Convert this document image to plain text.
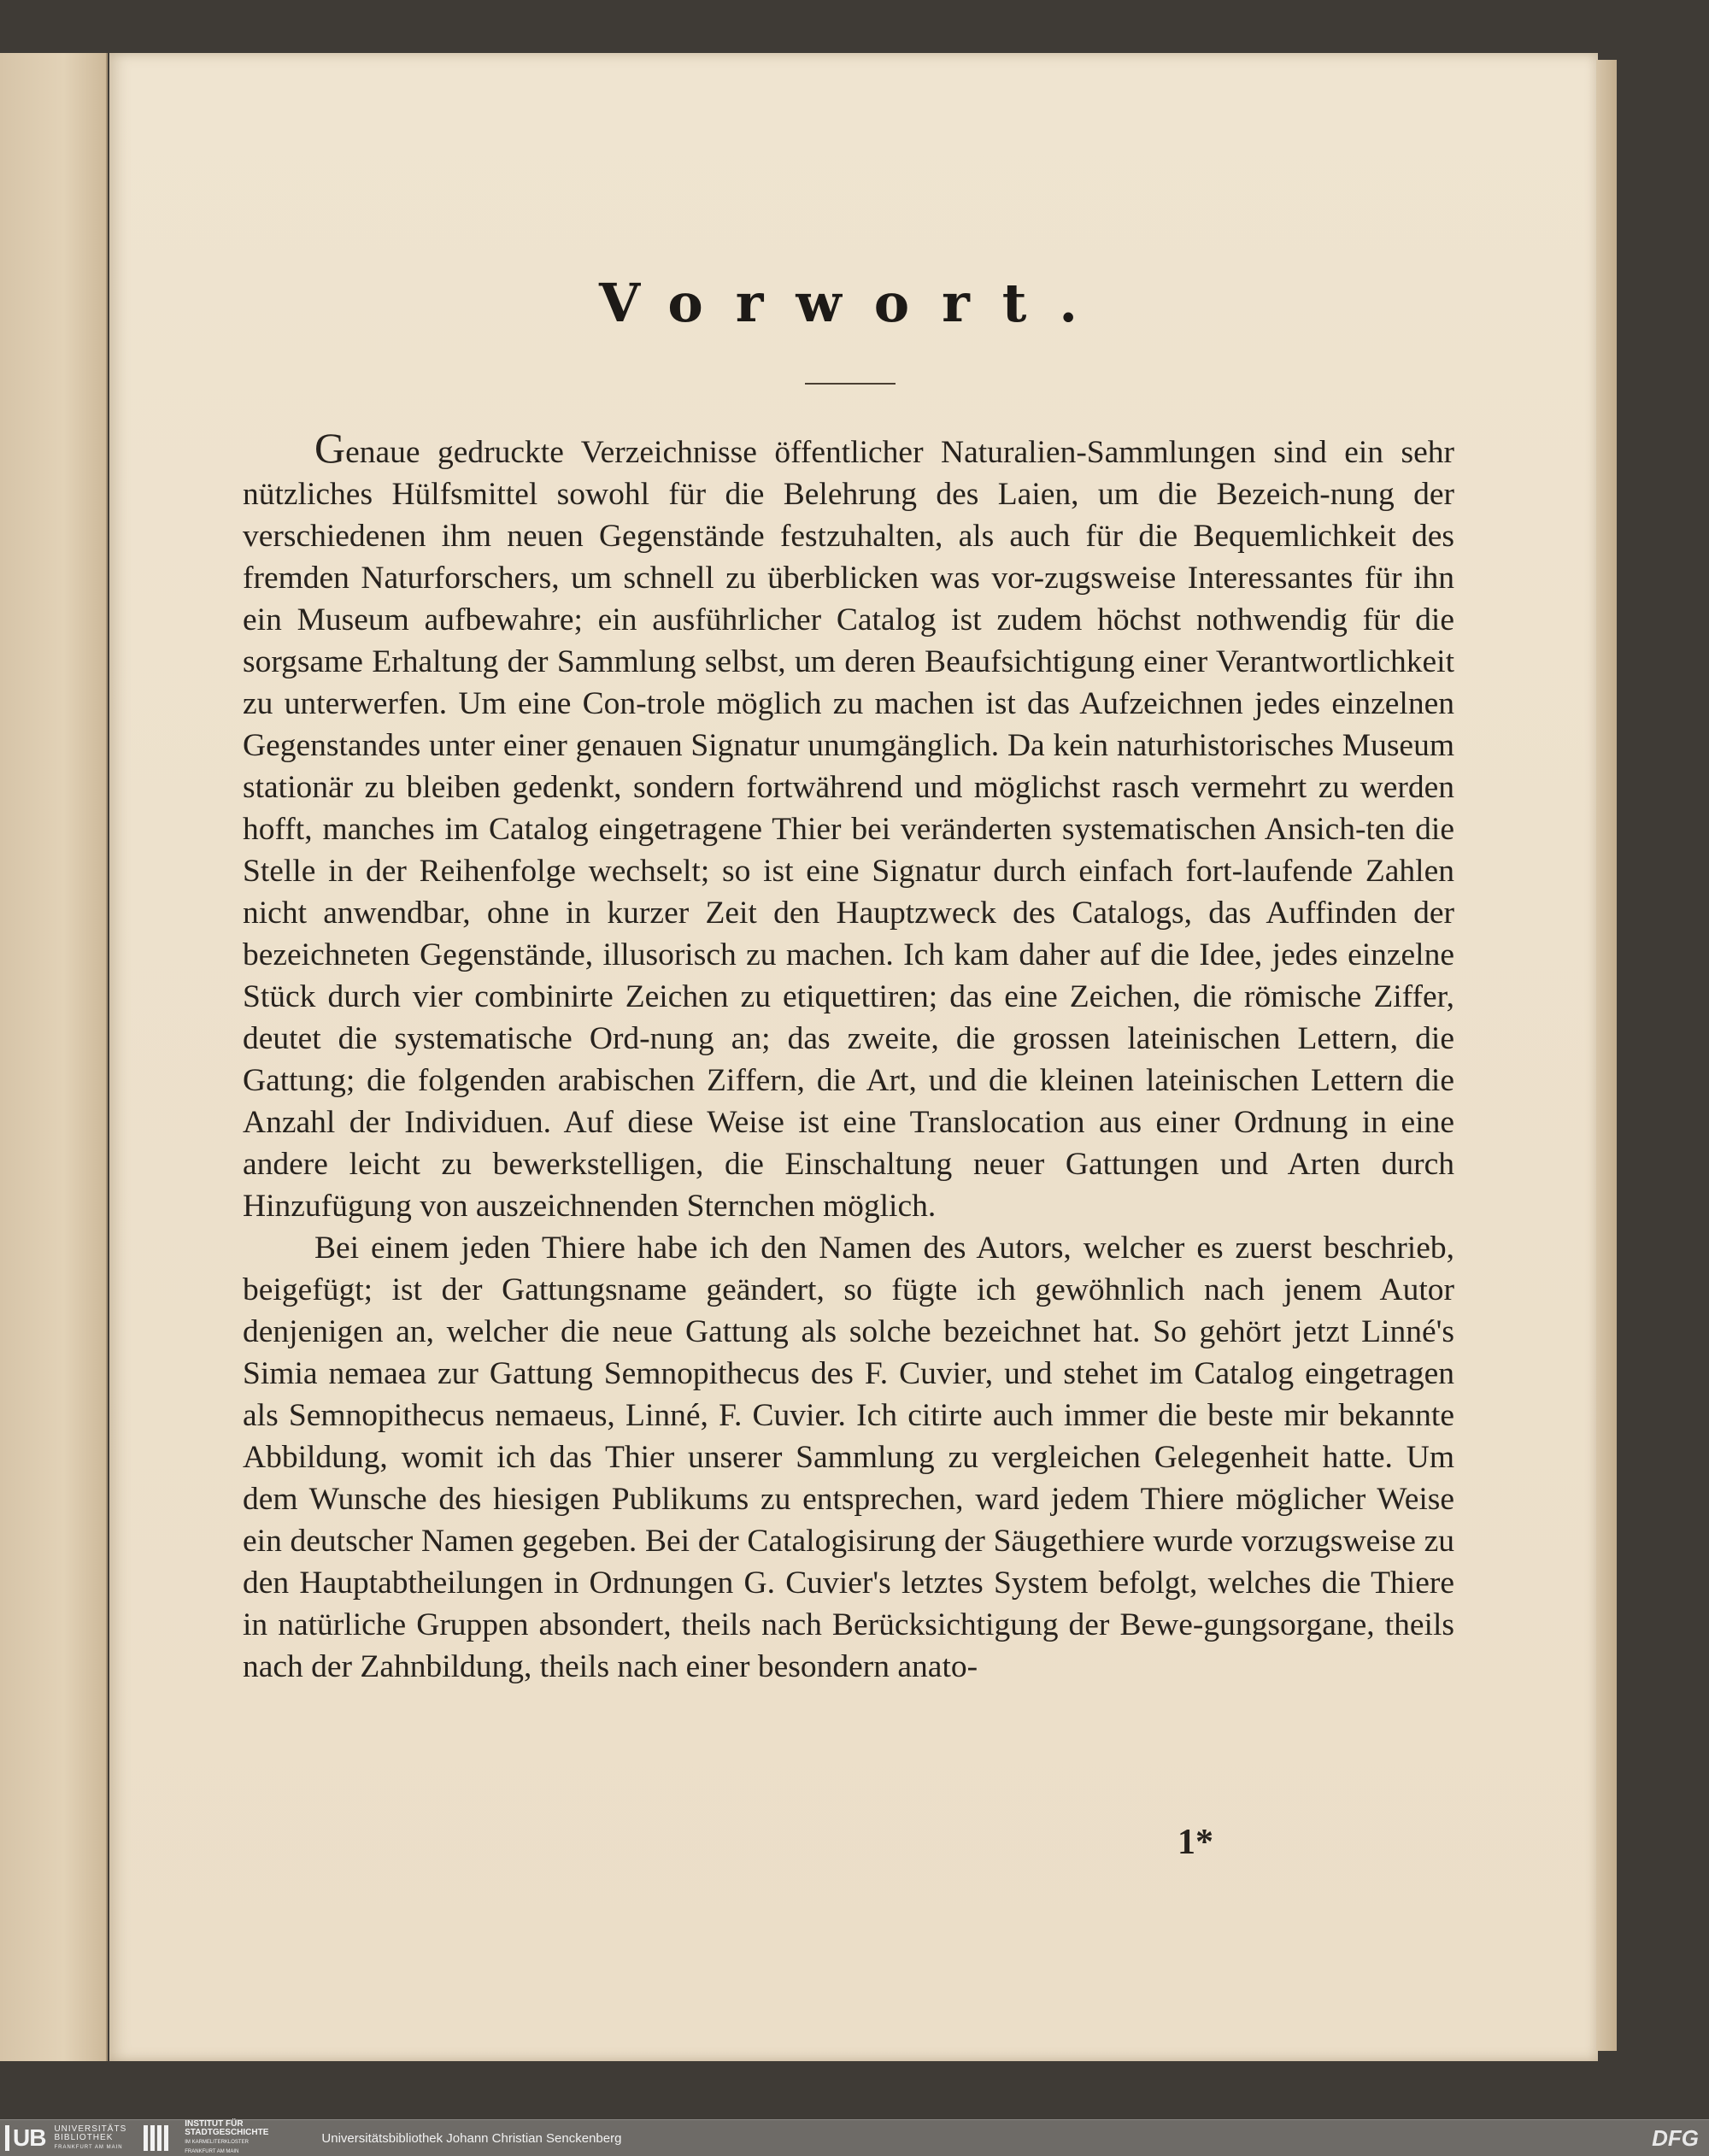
Vorwort.

Genaue gedruckte Verzeichnisse öffentlicher Naturalien-Sammlungen sind ein sehr nützliches Hülfsmittel sowohl für die Belehrung des Laien, um die Bezeich-nung der verschiedenen ihm neuen Gegenstände festzuhalten, als auch für die Bequemlichkeit des fremden Naturforschers, um schnell zu überblicken was vor-zugsweise Interessantes für ihn ein Museum aufbewahre; ein ausführlicher Catalog ist zudem höchst nothwendig für die sorgsame Erhaltung der Sammlung selbst, um deren Beaufsichtigung einer Verantwortlichkeit zu unterwerfen. Um eine Con-trole möglich zu machen ist das Aufzeichnen jedes einzelnen Gegenstandes unter einer genauen Signatur unumgänglich. Da kein naturhistorisches Museum stationär zu bleiben gedenkt, sondern fortwährend und möglichst rasch vermehrt zu werden hofft, manches im Catalog eingetragene Thier bei veränderten systematischen Ansich-ten die Stelle in der Reihenfolge wechselt; so ist eine Signatur durch einfach fort-laufende Zahlen nicht anwendbar, ohne in kurzer Zeit den Hauptzweck des Catalogs, das Auffinden der bezeichneten Gegenstände, illusorisch zu machen. Ich kam daher auf die Idee, jedes einzelne Stück durch vier combinirte Zeichen zu etiquettiren; das eine Zeichen, die römische Ziffer, deutet die systematische Ord-nung an; das zweite, die grossen lateinischen Lettern, die Gattung; die folgenden arabischen Ziffern, die Art, und die kleinen lateinischen Lettern die Anzahl der Individuen. Auf diese Weise ist eine Translocation aus einer Ordnung in eine andere leicht zu bewerkstelligen, die Einschaltung neuer Gattungen und Arten durch Hinzufügung von auszeichnenden Sternchen möglich.

Bei einem jeden Thiere habe ich den Namen des Autors, welcher es zuerst beschrieb, beigefügt; ist der Gattungsname geändert, so fügte ich gewöhnlich nach jenem Autor denjenigen an, welcher die neue Gattung als solche bezeichnet hat. So gehört jetzt Linné's Simia nemaea zur Gattung Semnopithecus des F. Cuvier, und stehet im Catalog eingetragen als Semnopithecus nemaeus, Linné, F. Cuvier. Ich citirte auch immer die beste mir bekannte Abbildung, womit ich das Thier unserer Sammlung zu vergleichen Gelegenheit hatte. Um dem Wunsche des hiesigen Publikums zu entsprechen, ward jedem Thiere möglicher Weise ein deutscher Namen gegeben. Bei der Catalogisirung der Säugethiere wurde vorzugsweise zu den Hauptabtheilungen in Ordnungen G. Cuvier's letztes System befolgt, welches die Thiere in natürliche Gruppen absondert, theils nach Berücksichtigung der Bewe-gungsorgane, theils nach der Zahnbildung, theils nach einer besondern anato-

1*
UB UNIVERSITÄTS
BIBLIOTHEK
FRANKFURT AM MAIN
INSTITUT FÜR
STADTGESCHICHTE
IM KARMELITERKLOSTER
FRANKFURT AM MAIN
Universitätsbibliothek Johann Christian Senckenberg	DFG
